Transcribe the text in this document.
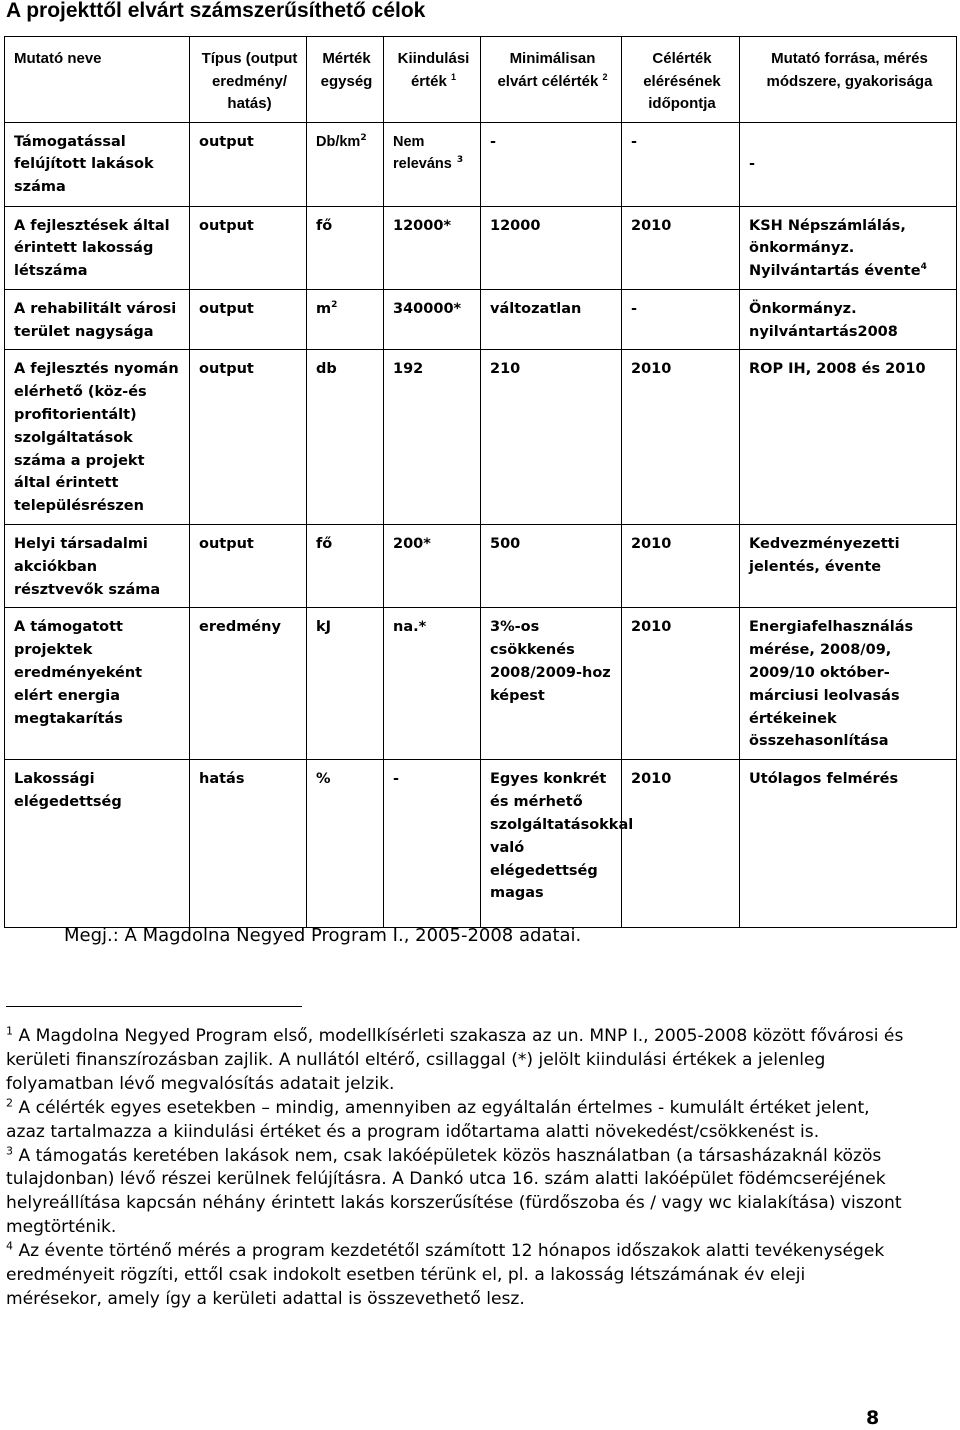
A projekttől elvárt számszerűsíthető célok
Mutató neve	Típus (output eredmény/ hatás)	Mérték egység	Kiindulási érték $^1$	Minimálisan elvárt célérték $^2$	Célérték elérésének időpontja	Mutató forrása, mérés módszere, gyakorisága
Támogatással felújított lakások száma	output	$Db/km^2$	Nem releváns $^3$	-	-	-
A fejlesztések által érintett lakosság létszáma	output	fő	12000*	12000	2010	KSH Népszámlálás, önkormányz. Nyilvántartás évente$^4$
A rehabilitált városi terület nagysága	output	$m^2$	340000*	változatlan	-	Önkormányz. nyilvántartás2008
A fejlesztés nyomán elérhető (köz-és profitorientált) szolgáltatások száma a projekt által érintett településrészen	output	db	192	210	2010	ROP IH, 2008 és 2010
Helyi társadalmi akciókban résztvevők száma	output	fő	200*	500	2010	Kedvezményezetti jelentés, évente
A támogatott projektek eredményeként elért energia megtakarítás	eredmény	kJ	na.*	3%-os csökkenés 2008/2009-hoz képest	2010	Energiafelhasználás mérése, 2008/09, 2009/10 október-márciusi leolvasás értékeinek összehasonlítása
Lakossági elégedettség	hatás	%	-	Egyes konkrét és mérhető szolgáltatásokkal való elégedettség magas	2010	Utólagos felmérés

Megj.: A Magdolna Negyed Program I., 2005-2008 adatai.

$^1$ A Magdolna Negyed Program első, modellkísérleti szakasza az un. MNP I., 2005-2008 között fővárosi és kerületi finanszírozásban zajlik. A nullától eltérő, csillaggal (*) jelölt kiindulási értékek a jelenleg folyamatban lévő megvalósítás adatait jelzik.

$^2$ A célérték egyes esetekben – mindig, amennyiben az egyáltalán értelmes - kumulált értéket jelent, azaz tartalmazza a kiindulási értéket és a program időtartama alatti növekedést/csökkenést is.

$^3$ A támogatás keretében lakások nem, csak lakóépületek közös használatban (a társasházaknál közös tulajdonban) lévő részei kerülnek felújításra. A Dankó utca 16. szám alatti lakóépület födémcseréjének helyreállítása kapcsán néhány érintett lakás korszerűsítése (fürdőszoba és / vagy wc kialakítása) viszont megtörténik.

$^4$ Az évente történő mérés a program kezdetétől számított 12 hónapos időszakok alatti tevékenységek eredményeit rögzíti, ettől csak indokolt esetben térünk el, pl. a lakosság létszámának év eleji mérésekor, amely így a kerületi adattal is összevethető lesz.

8
